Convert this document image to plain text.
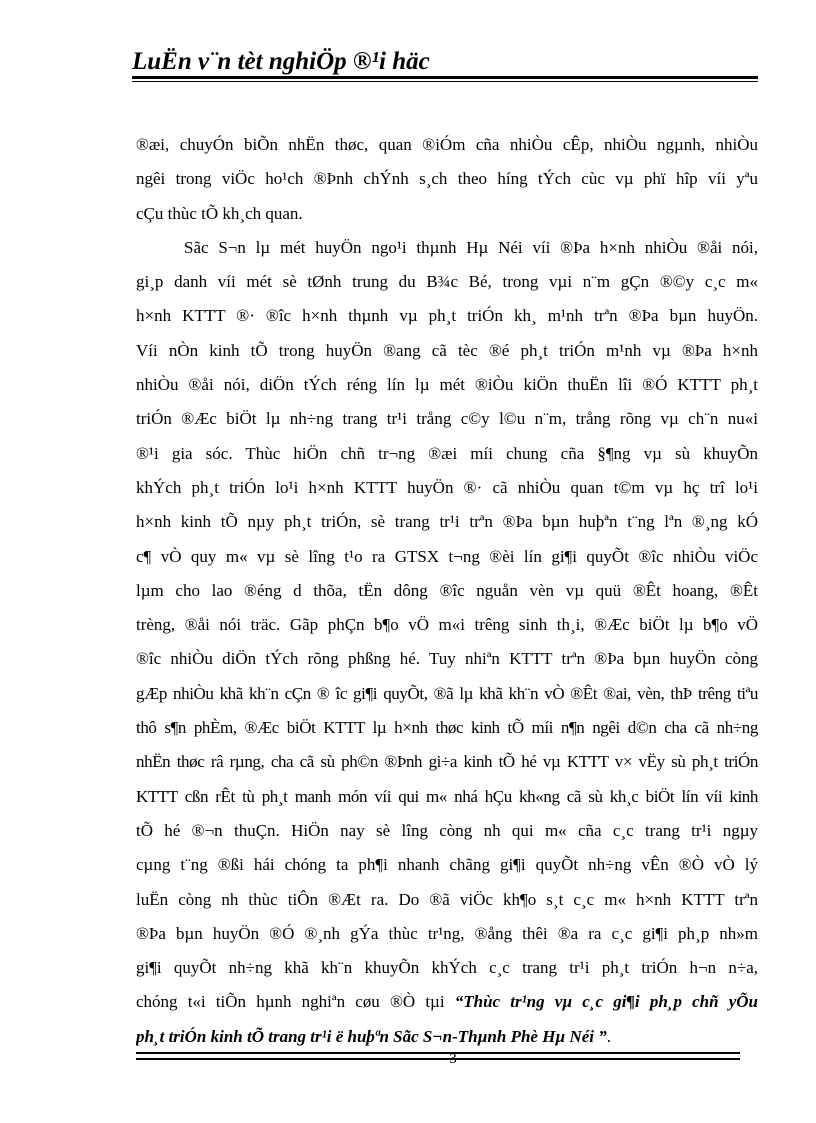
LuËn v¨n tèt nghiÖp ®¹i häc
®æi, chuyÓn biÕn nhËn thøc, quan ®iÓm cña nhiÒu cÊp, nhiÒu ngµnh, nhiÒu
ngêi trong viÖc ho¹ch ®Þnh chÝnh s¸ch theo híng tÝch cùc vµ phï hîp víi yªu
cÇu thùc tÕ kh¸ch quan.
Sãc S¬n lµ mét huyÖn ngo¹i thµnh Hµ Néi víi ®Þa h×nh nhiÒu ®åi nói,
gi¸p danh víi mét sè tØnh trung du B¾c Bé, trong vµi n¨m gÇn ®©y c¸c m«
h×nh KTTT ®· ®îc h×nh thµnh vµ ph¸t triÓn kh¸ m¹nh trªn ®Þa bµn huyÖn.
Víi nÒn kinh tÕ trong huyÖn ®ang cã tèc ®é ph¸t triÓn m¹nh vµ ®Þa h×nh
nhiÒu ®åi nói, diÖn tÝch réng lín lµ mét ®iÒu kiÖn thuËn lîi ®Ó KTTT ph¸t
triÓn ®Æc biÖt lµ nh÷ng trang tr¹i trång c©y l©u n¨m, trång rõng vµ ch¨n nu«i
®¹i gia sóc. Thùc hiÖn chñ tr¬ng ®æi míi chung cña §¶ng vµ sù khuyÕn
khÝch ph¸t triÓn lo¹i h×nh KTTT huyÖn ®· cã nhiÒu quan t©m vµ hç trî lo¹i
h×nh kinh tÕ nµy ph¸t triÓn, sè trang tr¹i trªn ®Þa bµn huþªn t¨ng lªn ®¸ng kÓ
c¶ vÒ quy m« vµ sè lîng t¹o ra GTSX t¬ng ®èi lín gi¶i quyÕt ®îc nhiÒu viÖc
lµm cho lao ®éng d thõa, tËn dông ®îc nguån vèn vµ quü ®Êt hoang, ®Êt
trèng, ®åi nói träc. Gãp phÇn b¶o vÖ m«i trêng sinh th¸i, ®Æc biÖt lµ b¶o vÖ
®îc nhiÒu diÖn tÝch rõng phßng hé. Tuy nhiªn KTTT trªn ®Þa bµn huyÖn còng
gÆp nhiÒu khã kh¨n cÇn ® îc gi¶i quyÕt, ®ã lµ khã kh¨n vÒ ®Êt ®ai, vèn, thÞ trêng tiªu
thô s¶n phÈm, ®Æc biÖt KTTT lµ h×nh thøc kinh tÕ míi n¶n ngêi d©n cha cã nh÷ng
nhËn thøc râ rµng, cha cã sù ph©n ®Þnh gi÷a kinh tÕ hé vµ KTTT v× vËy sù ph¸t triÓn
KTTT cßn rÊt tù ph¸t manh món víi qui m« nhá hÇu kh«ng cã sù kh¸c biÖt lín víi kinh
tÕ hé ®¬n thuÇn. HiÖn nay sè lîng còng nh qui m« cña c¸c trang tr¹i ngµy
cµng t¨ng ®ßi hái chóng ta ph¶i nhanh chãng gi¶i quyÕt nh÷ng vÊn ®Ò vÒ lý
luËn còng nh thùc tiÔn ®Æt ra. Do ®ã viÖc kh¶o s¸t c¸c m« h×nh KTTT trªn
®Þa bµn huyÖn ®Ó ®¸nh gÝa thùc tr¹ng, ®ång thêi ®a ra c¸c gi¶i ph¸p nh»m
gi¶i quyÕt nh÷ng khã kh¨n khuyÕn khÝch c¸c trang tr¹i ph¸t triÓn h¬n n÷a,
chóng t«i tiÕn hµnh nghiªn cøu ®Ò tµi “Thùc tr¹ng vµ c¸c gi¶i ph¸p chñ yÕu
ph¸t triÓn kinh tÕ trang tr¹i ë huþªn Sãc S¬n-Thµnh Phè Hµ Néi ”.
3
